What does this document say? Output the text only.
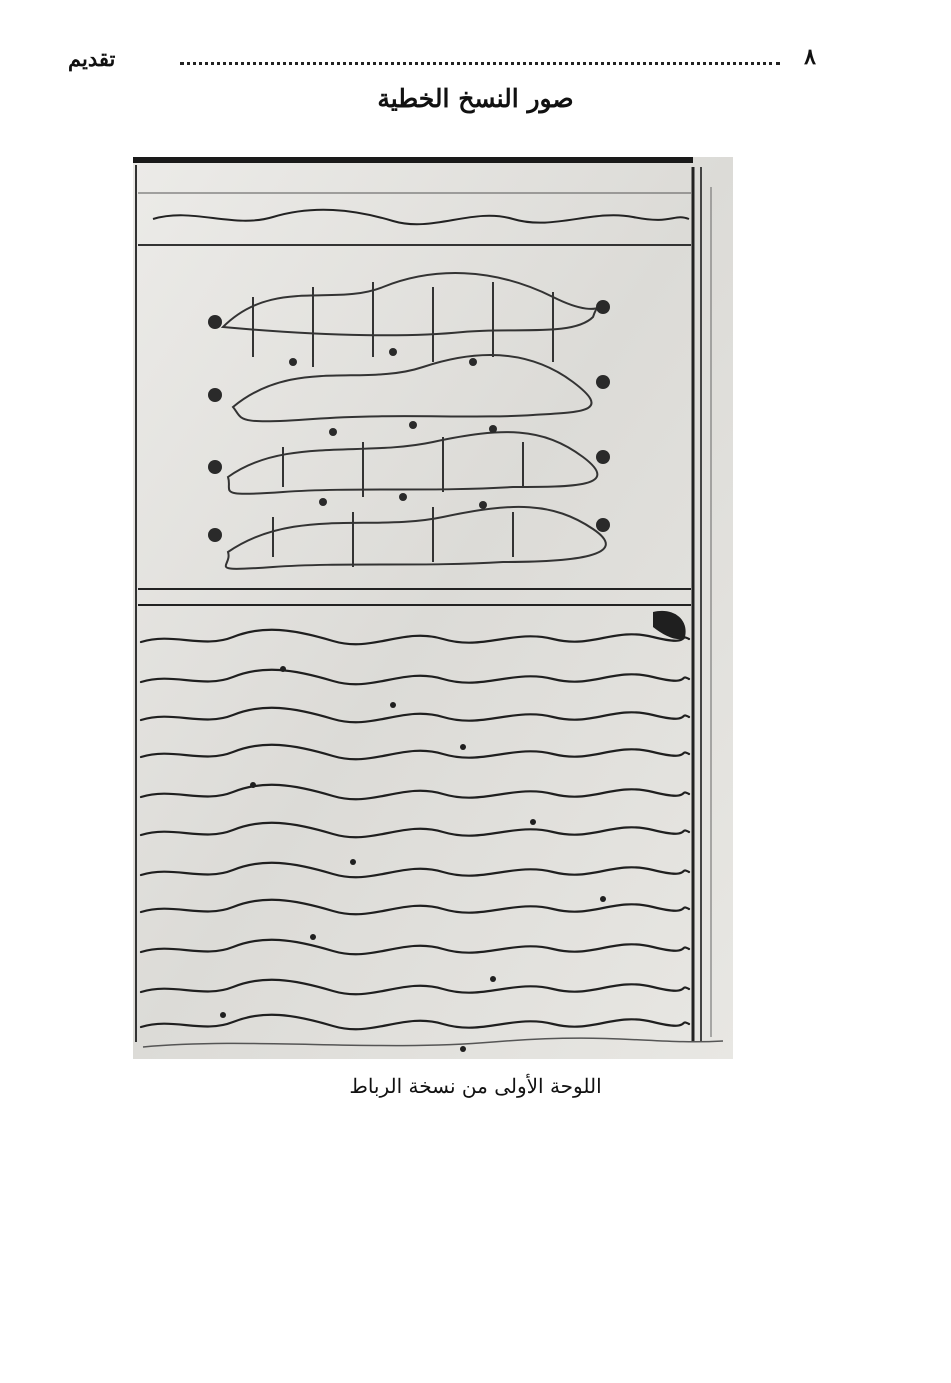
٨
تقديم
صور النسخ الخطية

اللوحة الأولى من نسخة الرباط
